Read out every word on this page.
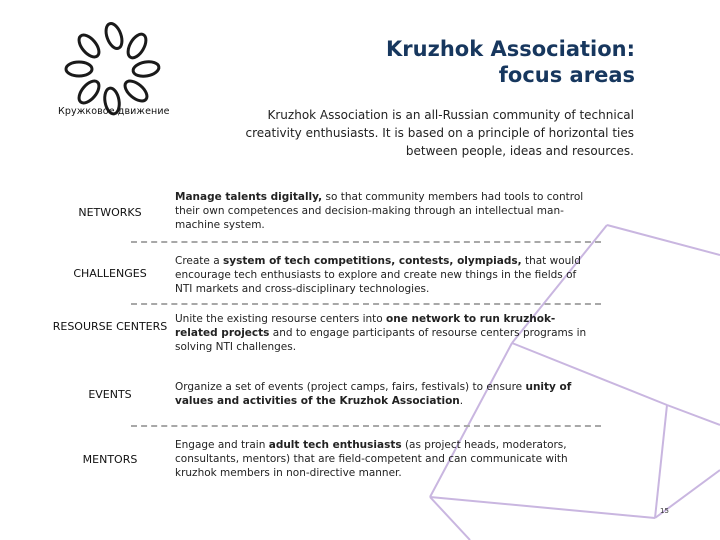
Кружковое движение
Kruzhok Association:
focus areas
Kruzhok Association is an all-Russian community of technical creativity enthusiasts. It is based on a principle of horizontal ties between people, ideas and resources.
NETWORKS
Manage talents digitally, so that community members had tools to control their own competences and decision-making through an intellectual man-machine system.
CHALLENGES
Create a system of tech competitions, contests, olympiads, that would encourage tech enthusiasts to explore and create new things in the fields of NTI markets and cross-disciplinary technologies.
RESOURSE CENTERS
Unite the existing resourse centers into one network to run kruzhok-related projects and to engage participants of resourse centers programs in solving NTI challenges.
EVENTS
Organize a set of events (project camps, fairs, festivals) to ensure unity of values and activities of the Kruzhok Association.
MENTORS
Engage and train adult tech enthusiasts (as project heads, moderators, consultants, mentors) that are field-competent and can communicate with kruzhok members in non-directive manner.
15
